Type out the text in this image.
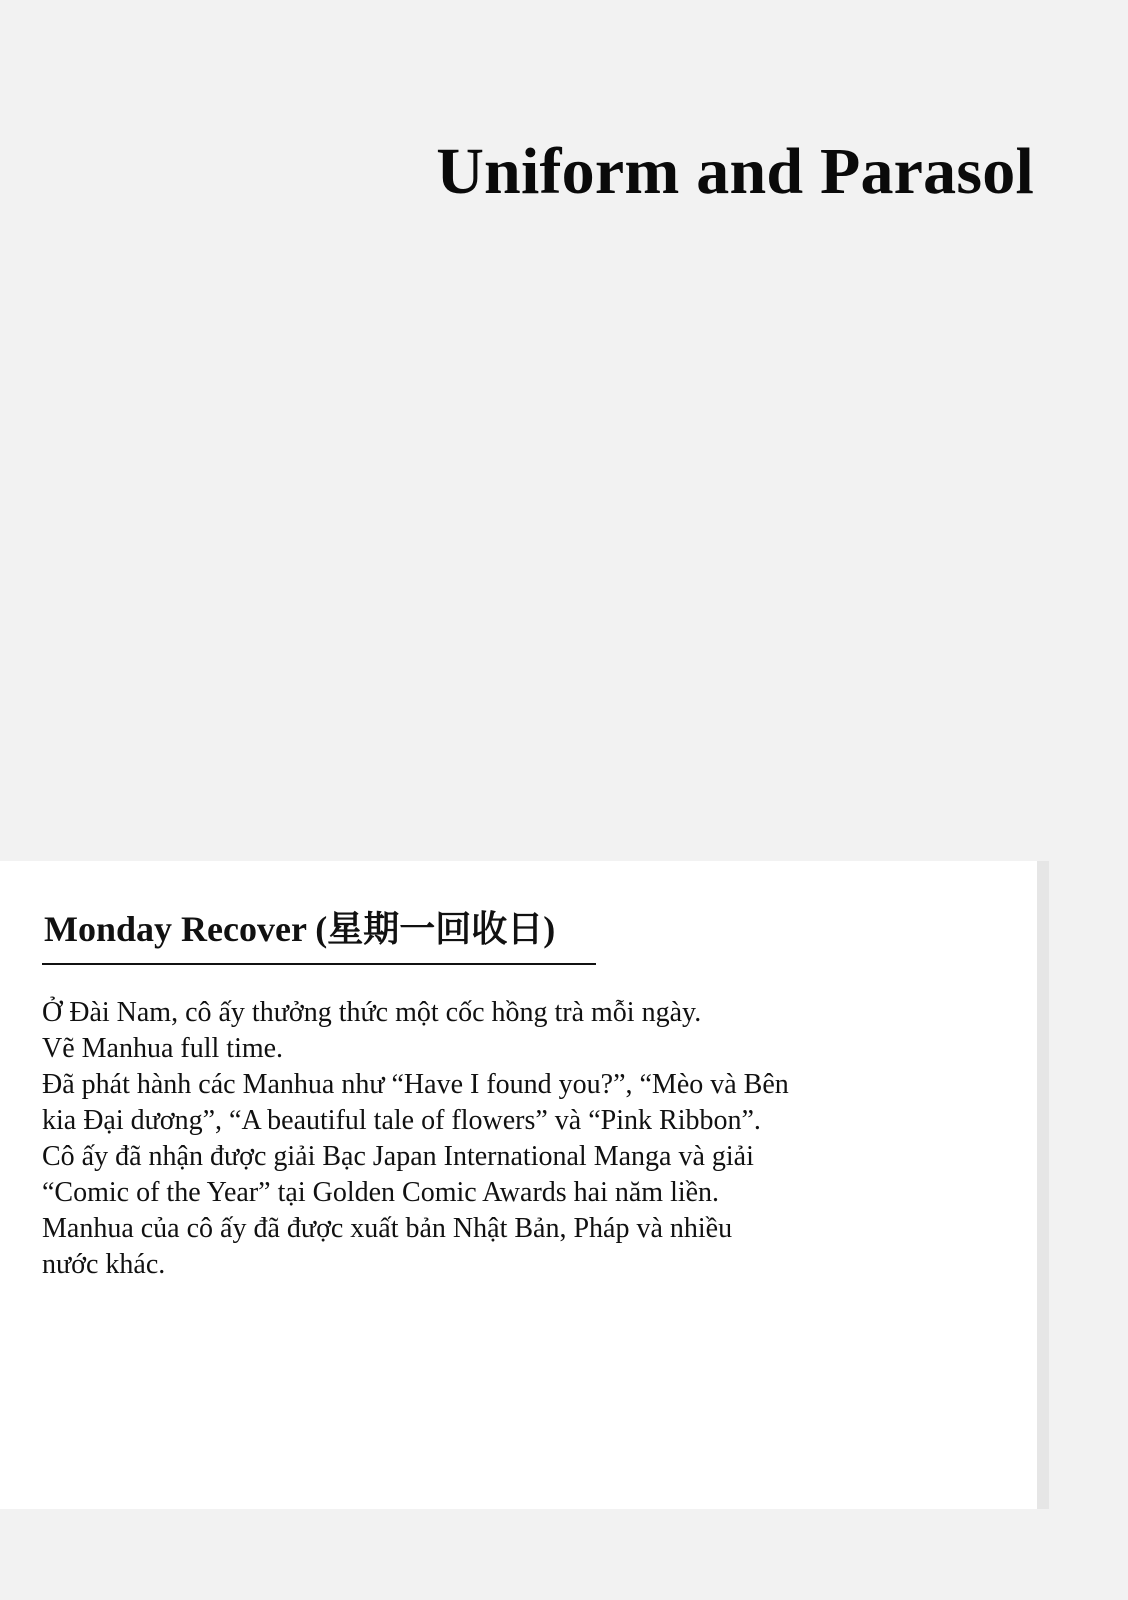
Uniform and Parasol
Monday Recover (星期一回收日)

Ở Đài Nam, cô ấy thưởng thức một cốc hồng trà mỗi ngày.
Vẽ Manhua full time.
Đã phát hành các Manhua như “Have I found you?”, “Mèo và Bên
kia Đại dương”, “A beautiful tale of flowers” và “Pink Ribbon”.
Cô ấy đã nhận được giải Bạc Japan International Manga và giải
“Comic of the Year” tại Golden Comic Awards hai năm liền.
Manhua của cô ấy đã được xuất bản Nhật Bản, Pháp và nhiều
nước khác.
